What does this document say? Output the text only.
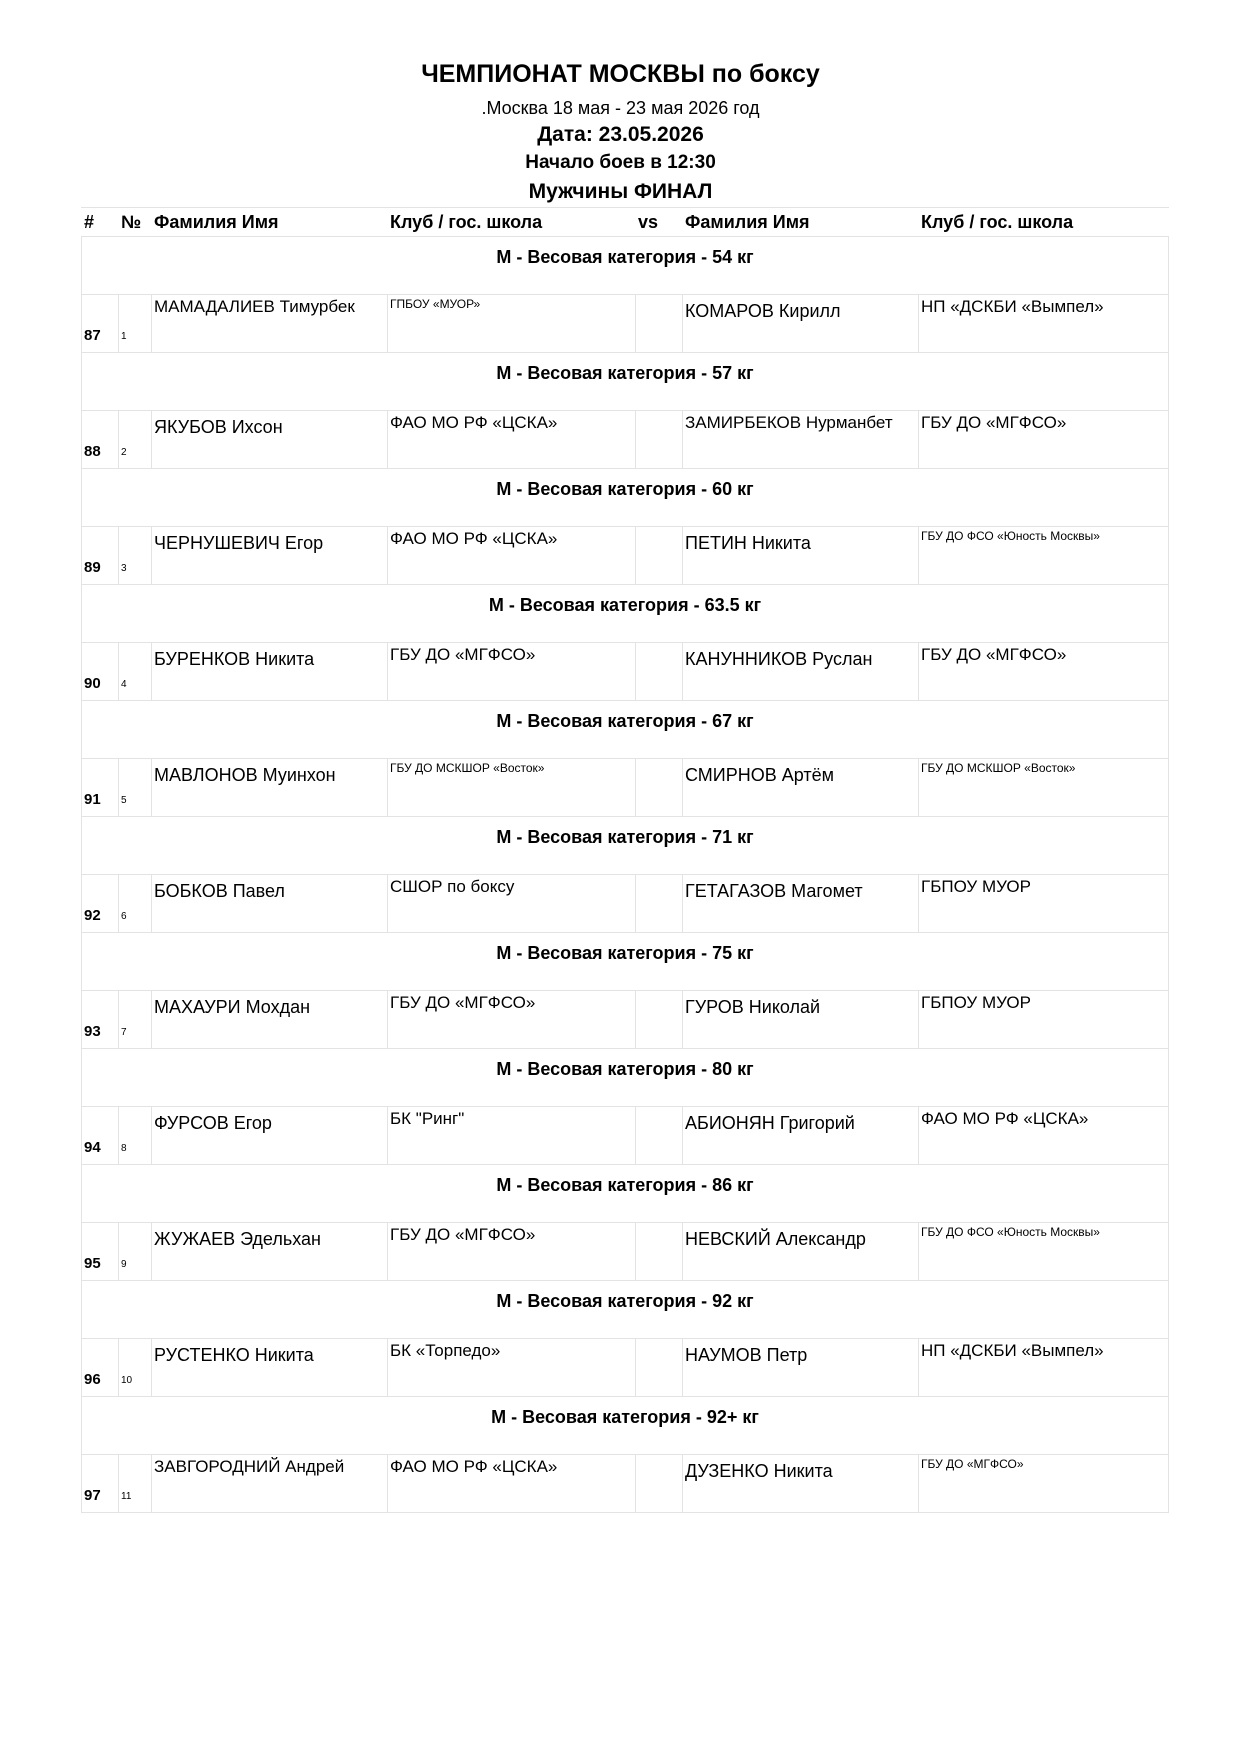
ЧЕМПИОНАТ МОСКВЫ по боксу
.Москва 18 мая - 23 мая 2026 год
Дата: 23.05.2026
Начало боев в 12:30
Мужчины ФИНАЛ
#	№	Фамилия Имя	Клуб / гос. школа	vs	Фамилия Имя	Клуб / гос. школа
М - Весовая категория - 54 кг						
87	1	МАМАДАЛИЕВ Тимурбек	ГПБОУ «МУОР»		КОМАРОВ Кирилл	НП «ДСКБИ «Вымпел»
М - Весовая категория - 57 кг						
88	2	ЯКУБОВ Ихсон	ФАО МО РФ «ЦСКА»		ЗАМИРБЕКОВ Нурманбет	ГБУ ДО «МГФСО»
М - Весовая категория - 60 кг						
89	3	ЧЕРНУШЕВИЧ Егор	ФАО МО РФ «ЦСКА»		ПЕТИН Никита	ГБУ ДО ФСО «Юность Москвы»
М - Весовая категория - 63.5 кг						
90	4	БУРЕНКОВ Никита	ГБУ ДО «МГФСО»		КАНУННИКОВ Руслан	ГБУ ДО «МГФСО»
М - Весовая категория - 67 кг						
91	5	МАВЛОНОВ Муинхон	ГБУ ДО МСКШОР «Восток»		СМИРНОВ Артём	ГБУ ДО МСКШОР «Восток»
М - Весовая категория - 71 кг						
92	6	БОБКОВ Павел	СШОР по боксу		ГЕТАГАЗОВ Магомет	ГБПОУ МУОР
М - Весовая категория - 75 кг						
93	7	МАХАУРИ Мохдан	ГБУ ДО «МГФСО»		ГУРОВ Николай	ГБПОУ МУОР
М - Весовая категория - 80 кг						
94	8	ФУРСОВ Егор	БК "Ринг"		АБИОНЯН Григорий	ФАО МО РФ «ЦСКА»
М - Весовая категория - 86 кг						
95	9	ЖУЖАЕВ Эдельхан	ГБУ ДО «МГФСО»		НЕВСКИЙ Александр	ГБУ ДО ФСО «Юность Москвы»
М - Весовая категория - 92 кг						
96	10	РУСТЕНКО Никита	БК «Торпедо»		НАУМОВ Петр	НП «ДСКБИ «Вымпел»
М - Весовая категория - 92+ кг						
97	11	ЗАВГОРОДНИЙ Андрей	ФАО МО РФ «ЦСКА»		ДУЗЕНКО Никита	ГБУ ДО «МГФСО»
